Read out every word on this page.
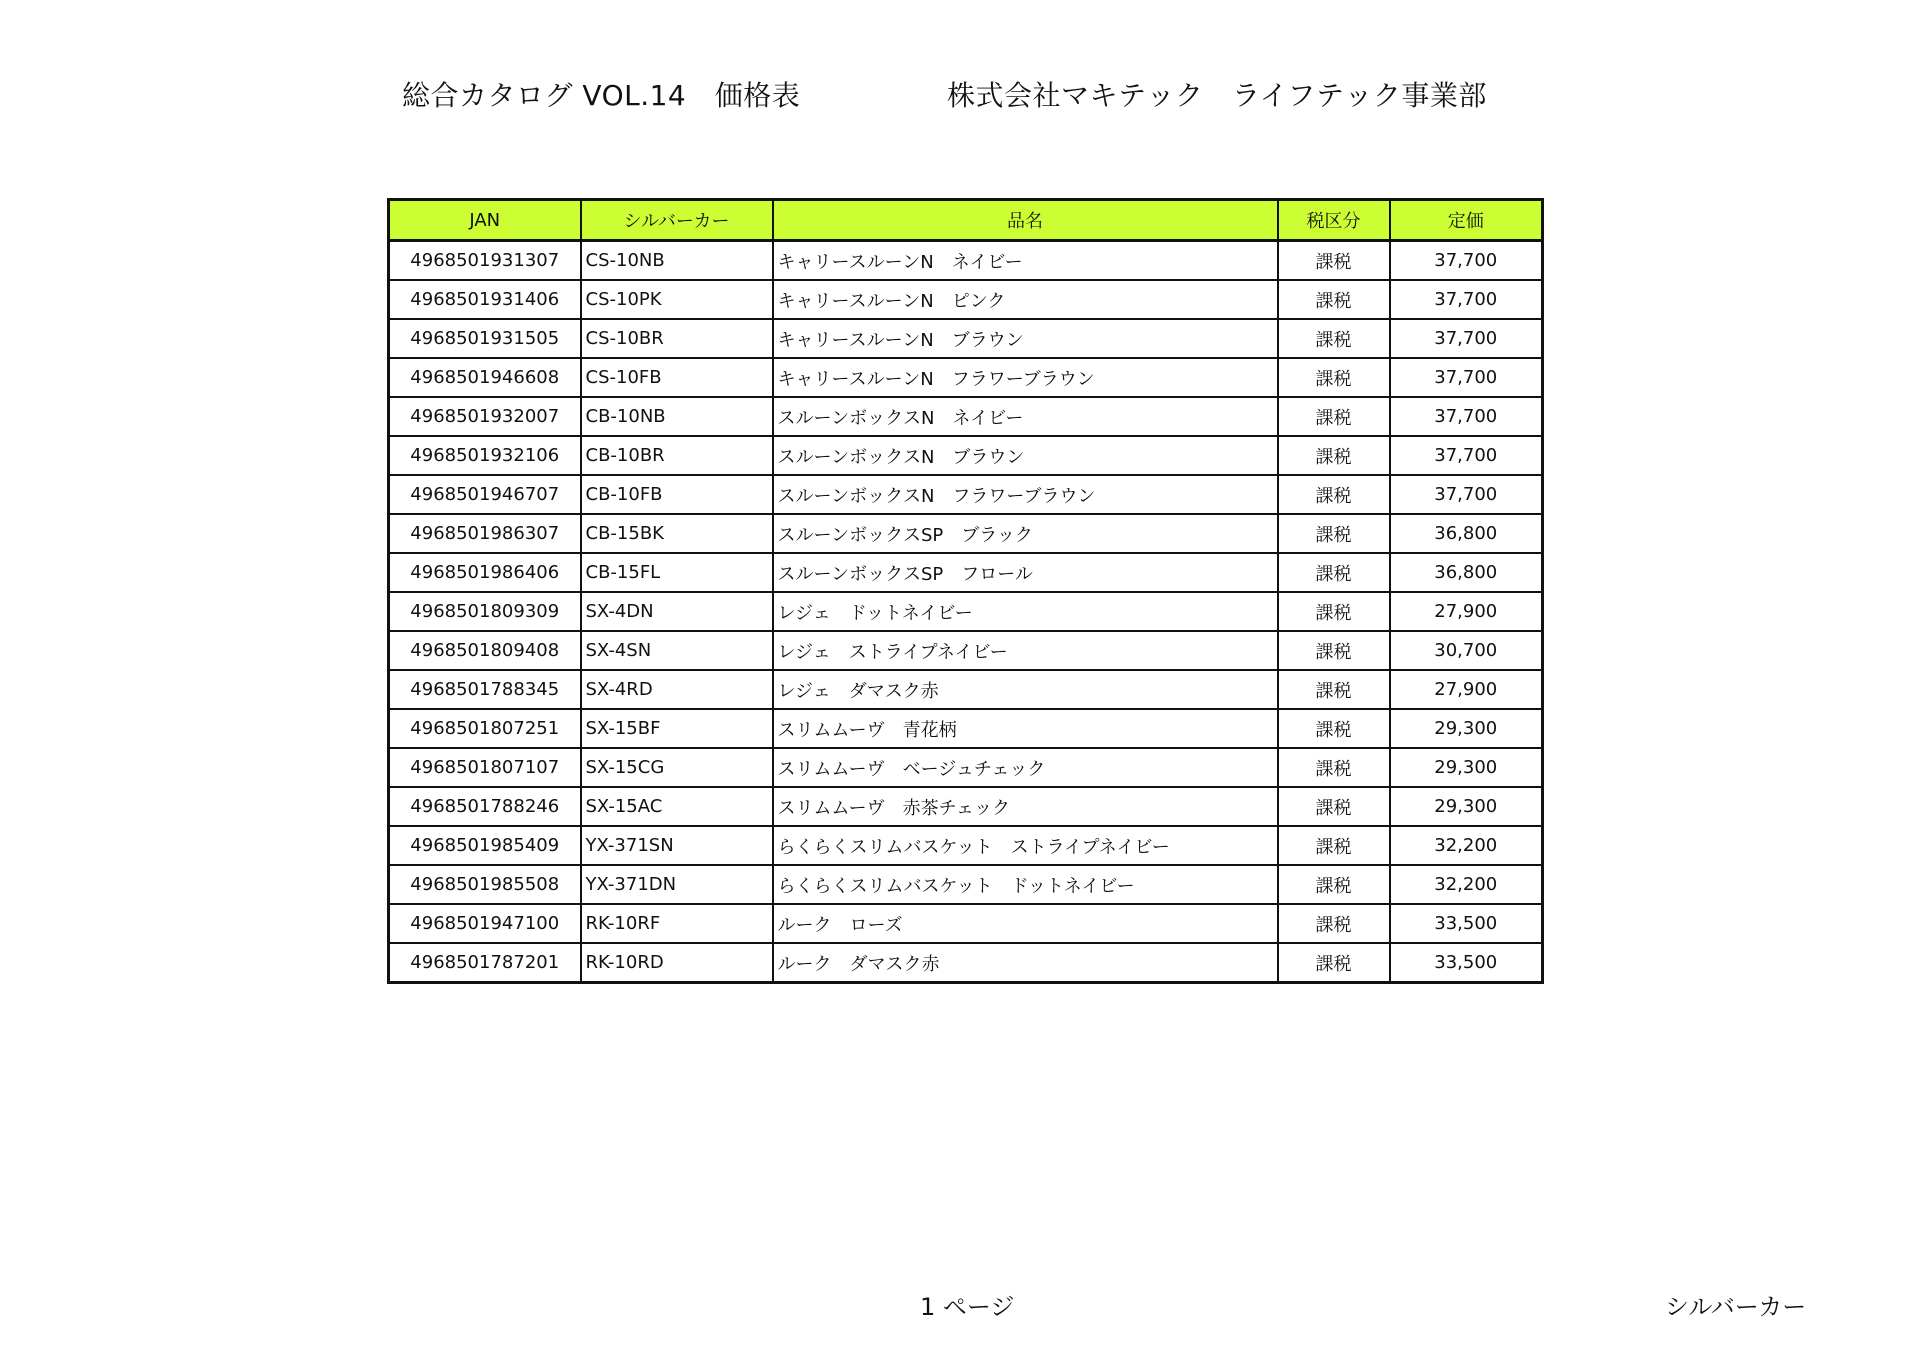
総合カタログ VOL.14　価格表	株式会社マキテック　ライフテック事業部
JAN	シルバーカー	品名	税区分	定価
4968501931307	CS-10NB	キャリースルーンN　ネイビー	課税	37,700
4968501931406	CS-10PK	キャリースルーンN　ピンク	課税	37,700
4968501931505	CS-10BR	キャリースルーンN　ブラウン	課税	37,700
4968501946608	CS-10FB	キャリースルーンN　フラワーブラウン	課税	37,700
4968501932007	CB-10NB	スルーンボックスN　ネイビー	課税	37,700
4968501932106	CB-10BR	スルーンボックスN　ブラウン	課税	37,700
4968501946707	CB-10FB	スルーンボックスN　フラワーブラウン	課税	37,700
4968501986307	CB-15BK	スルーンボックスSP　ブラック	課税	36,800
4968501986406	CB-15FL	スルーンボックスSP　フロール	課税	36,800
4968501809309	SX-4DN	レジェ　ドットネイビー	課税	27,900
4968501809408	SX-4SN	レジェ　ストライプネイビー	課税	30,700
4968501788345	SX-4RD	レジェ　ダマスク赤	課税	27,900
4968501807251	SX-15BF	スリムムーヴ　青花柄	課税	29,300
4968501807107	SX-15CG	スリムムーヴ　ベージュチェック	課税	29,300
4968501788246	SX-15AC	スリムムーヴ　赤茶チェック	課税	29,300
4968501985409	YX-371SN	らくらくスリムバスケット　ストライプネイビー	課税	32,200
4968501985508	YX-371DN	らくらくスリムバスケット　ドットネイビー	課税	32,200
4968501947100	RK-10RF	ルーク　ローズ	課税	33,500
4968501787201	RK-10RD	ルーク　ダマスク赤	課税	33,500
1 ページ	シルバーカー
